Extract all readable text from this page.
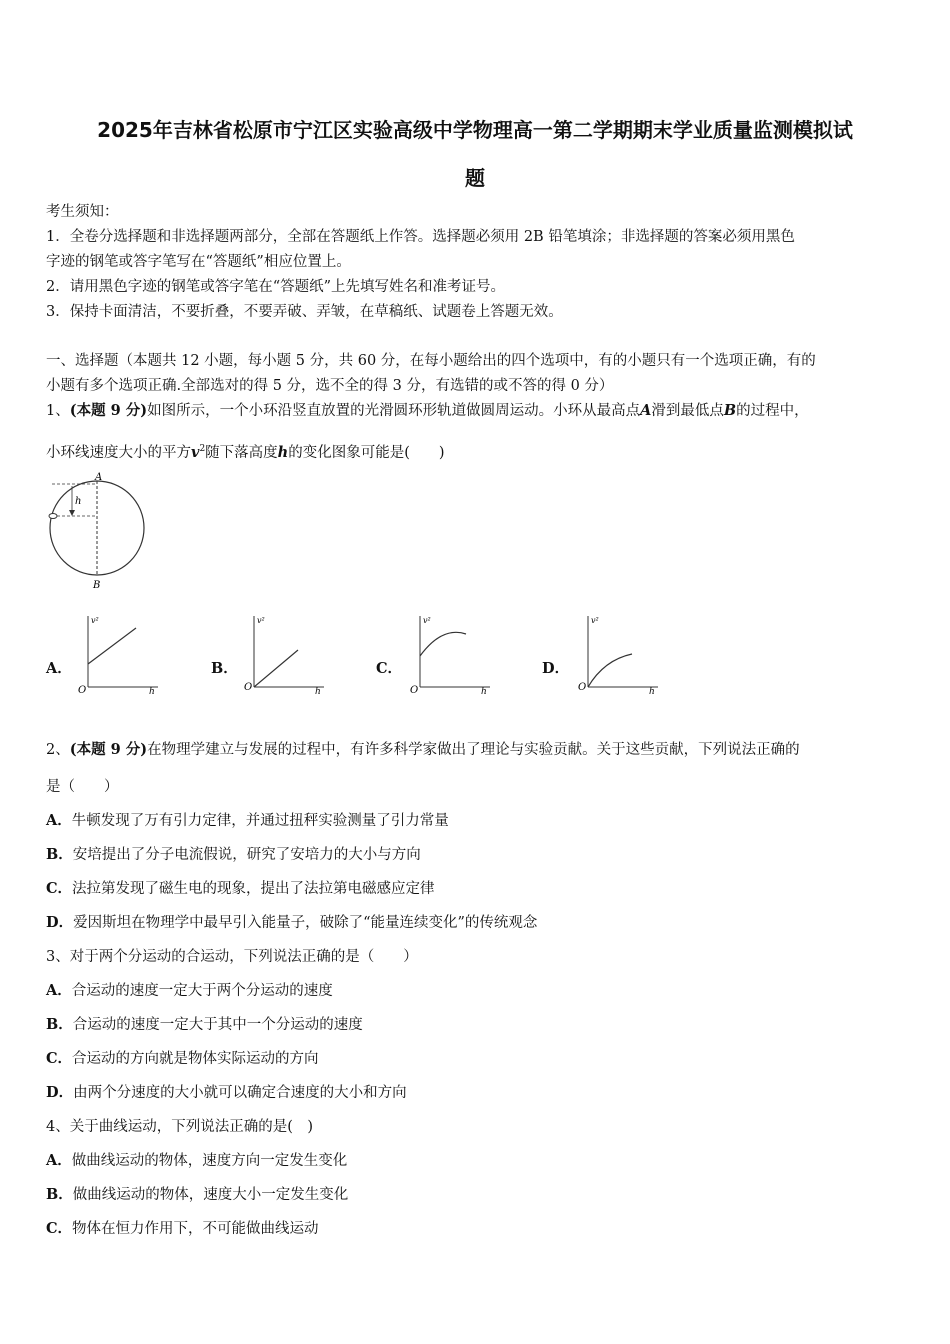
2025年吉林省松原市宁江区实验高级中学物理高一第二学期期末学业质量监测模拟试
题
考生须知：
1．全卷分选择题和非选择题两部分，全部在答题纸上作答。选择题必须用 2B 铅笔填涂；非选择题的答案必须用黑色
字迹的钢笔或答字笔写在“答题纸”相应位置上。
2．请用黑色字迹的钢笔或答字笔在“答题纸”上先填写姓名和准考证号。
3．保持卡面清洁，不要折叠，不要弄破、弄皱，在草稿纸、试题卷上答题无效。
一、选择题（本题共 12 小题，每小题 5 分，共 60 分，在每小题给出的四个选项中，有的小题只有一个选项正确，有的
小题有多个选项正确.全部选对的得 5 分，选不全的得 3 分，有选错的或不答的得 0 分）
1、(本题 9 分)如图所示，一个小环沿竖直放置的光滑圆环形轨道做圆周运动。小环从最高点A滑到最低点B的过程中，
小环线速度大小的平方$v^2$随下落高度h的变化图象可能是(　　)
A
B
h
A．
v²
O	h
B．
v²
O	h
C．
v²
O	h
D．
v²
O	h
2、(本题 9 分)在物理学建立与发展的过程中，有许多科学家做出了理论与实验贡献。关于这些贡献，下列说法正确的
是（　　）
A．牛顿发现了万有引力定律，并通过扭秤实验测量了引力常量
B．安培提出了分子电流假说，研究了安培力的大小与方向
C．法拉第发现了磁生电的现象，提出了法拉第电磁感应定律
D．爱因斯坦在物理学中最早引入能量子，破除了“能量连续变化”的传统观念
3、对于两个分运动的合运动，下列说法正确的是（　　）
A．合运动的速度一定大于两个分运动的速度
B．合运动的速度一定大于其中一个分运动的速度
C．合运动的方向就是物体实际运动的方向
D．由两个分速度的大小就可以确定合速度的大小和方向
4、关于曲线运动，下列说法正确的是(　)
A．做曲线运动的物体，速度方向一定发生变化
B．做曲线运动的物体，速度大小一定发生变化
C．物体在恒力作用下，不可能做曲线运动
